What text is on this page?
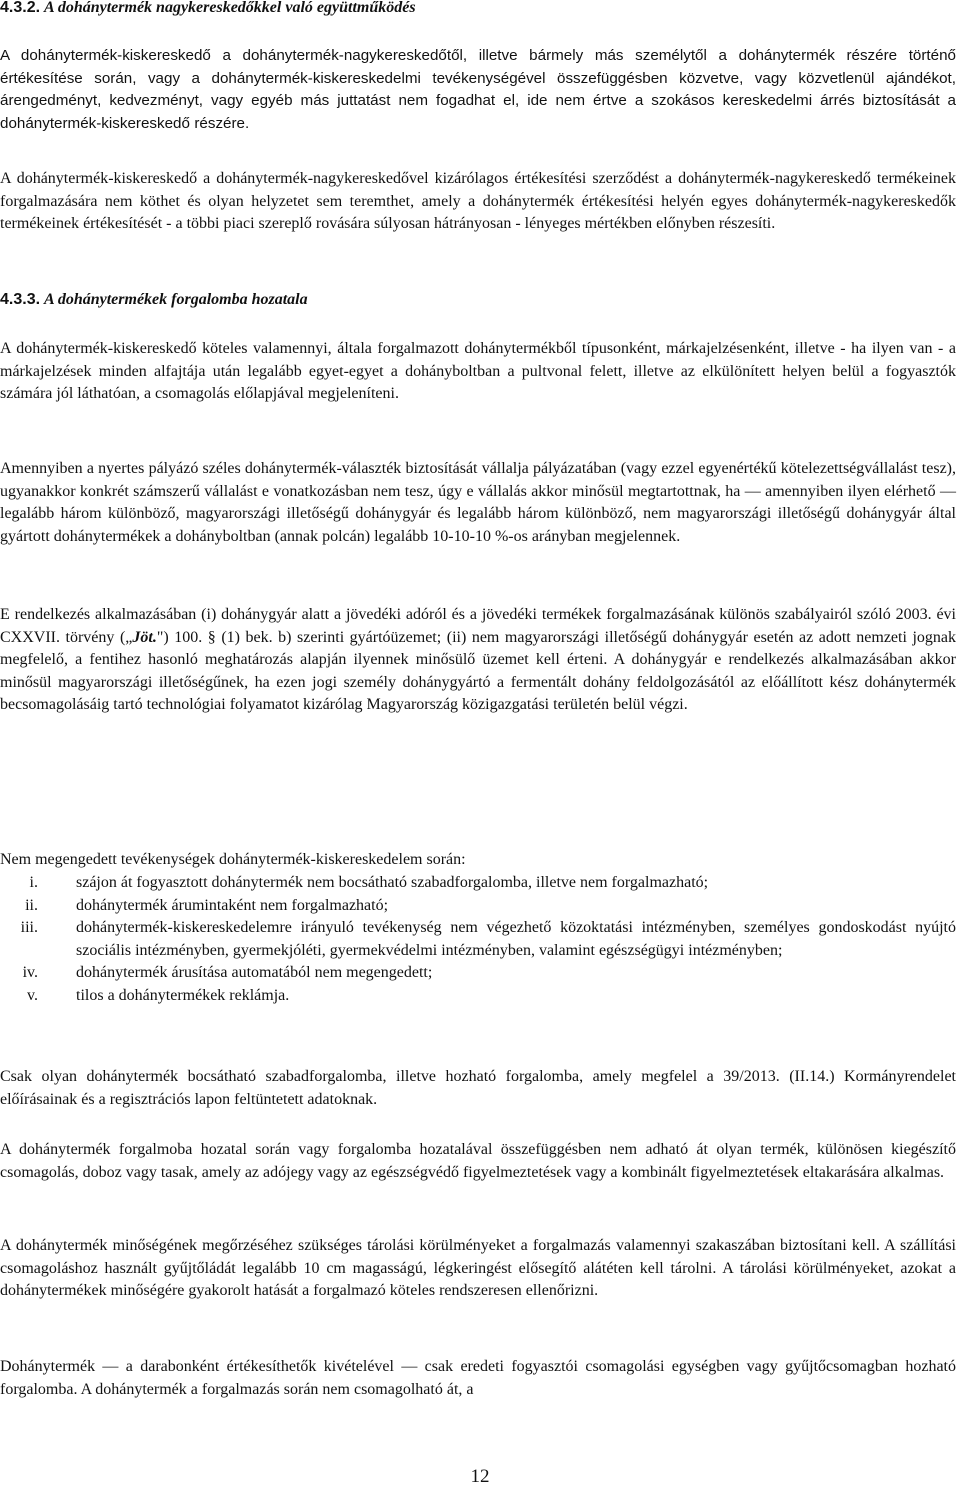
4.3.2. A dohánytermék nagykereskedőkkel való együttműködés

A dohánytermék-kiskereskedő a dohánytermék-nagykereskedőtől, illetve bármely más személytől a dohánytermék részére történő értékesítése során, vagy a dohánytermék-kiskereskedelmi tevékenységével összefüggésben közvetve, vagy közvetlenül ajándékot, árengedményt, kedvezményt, vagy egyéb más juttatást nem fogadhat el, ide nem értve a szokásos kereskedelmi árrés biztosítását a dohánytermék-kiskereskedő részére.

A dohánytermék-kiskereskedő a dohánytermék-nagykereskedővel kizárólagos értékesítési szerződést a dohánytermék-nagykereskedő termékeinek forgalmazására nem köthet és olyan helyzetet sem teremthet, amely a dohánytermék értékesítési helyén egyes dohánytermék-nagykereskedők termékeinek értékesítését - a többi piaci szereplő rovására súlyosan hátrányosan - lényeges mértékben előnyben részesíti.

4.3.3. A dohánytermékek forgalomba hozatala

A dohánytermék-kiskereskedő köteles valamennyi, általa forgalmazott dohánytermékből típusonként, márkajelzésenként, illetve - ha ilyen van - a márkajelzések minden alfajtája után legalább egyet-egyet a dohányboltban a pultvonal felett, illetve az elkülönített helyen belül a fogyasztók számára jól láthatóan, a csomagolás előlapjával megjeleníteni.

Amennyiben a nyertes pályázó széles dohánytermék-választék biztosítását vállalja pályázatában (vagy ezzel egyenértékű kötelezettségvállalást tesz), ugyanakkor konkrét számszerű vállalást e vonatkozásban nem tesz, úgy e vállalás akkor minősül megtartottnak, ha — amennyiben ilyen elérhető — legalább három különböző, magyarországi illetőségű dohánygyár és legalább három különböző, nem magyarországi illetőségű dohánygyár által gyártott dohánytermékek a dohányboltban (annak polcán) legalább 10-10-10 %-os arányban megjelennek.

E rendelkezés alkalmazásában (i) dohánygyár alatt a jövedéki adóról és a jövedéki termékek forgalmazásának különös szabályairól szóló 2003. évi CXXVII. törvény („Jöt.") 100. § (1) bek. b) szerinti gyártóüzemet; (ii) nem magyarországi illetőségű dohánygyár esetén az adott nemzeti jognak megfelelő, a fentihez hasonló meghatározás alapján ilyennek minősülő üzemet kell érteni. A dohánygyár e rendelkezés alkalmazásában akkor minősül magyarországi illetőségűnek, ha ezen jogi személy dohánygyártó a fermentált dohány feldolgozásától az előállított kész dohánytermék becsomagolásáig tartó technológiai folyamatot kizárólag Magyarország közigazgatási területén belül végzi.

Nem megengedett tevékenységek dohánytermék-kiskereskedelem során:

i. szájon át fogyasztott dohánytermék nem bocsátható szabadforgalomba, illetve nem forgalmazható;
ii. dohánytermék árumintaként nem forgalmazható;
iii. dohánytermék-kiskereskedelemre irányuló tevékenység nem végezhető közoktatási intézményben, személyes gondoskodást nyújtó szociális intézményben, gyermekjóléti, gyermekvédelmi intézményben, valamint egészségügyi intézményben;
iv. dohánytermék árusítása automatából nem megengedett;
v. tilos a dohánytermékek reklámja.

Csak olyan dohánytermék bocsátható szabadforgalomba, illetve hozható forgalomba, amely megfelel a 39/2013. (II.14.) Kormányrendelet előírásainak és a regisztrációs lapon feltüntetett adatoknak.

A dohánytermék forgalmoba hozatal során vagy forgalomba hozatalával összefüggésben nem adható át olyan termék, különösen kiegészítő csomagolás, doboz vagy tasak, amely az adójegy vagy az egészségvédő figyelmeztetések vagy a kombinált figyelmeztetések eltakarására alkalmas.

A dohánytermék minőségének megőrzéséhez szükséges tárolási körülményeket a forgalmazás valamennyi szakaszában biztosítani kell. A szállítási csomagoláshoz használt gyűjtőládát legalább 10 cm magasságú, légkeringést elősegítő alátéten kell tárolni. A tárolási körülményeket, azokat a dohánytermékek minőségére gyakorolt hatását a forgalmazó köteles rendszeresen ellenőrizni.

Dohánytermék — a darabonként értékesíthetők kivételével — csak eredeti fogyasztói csomagolási egységben vagy gyűjtőcsomagban hozható forgalomba. A dohánytermék a forgalmazás során nem csomagolható át, a

12
